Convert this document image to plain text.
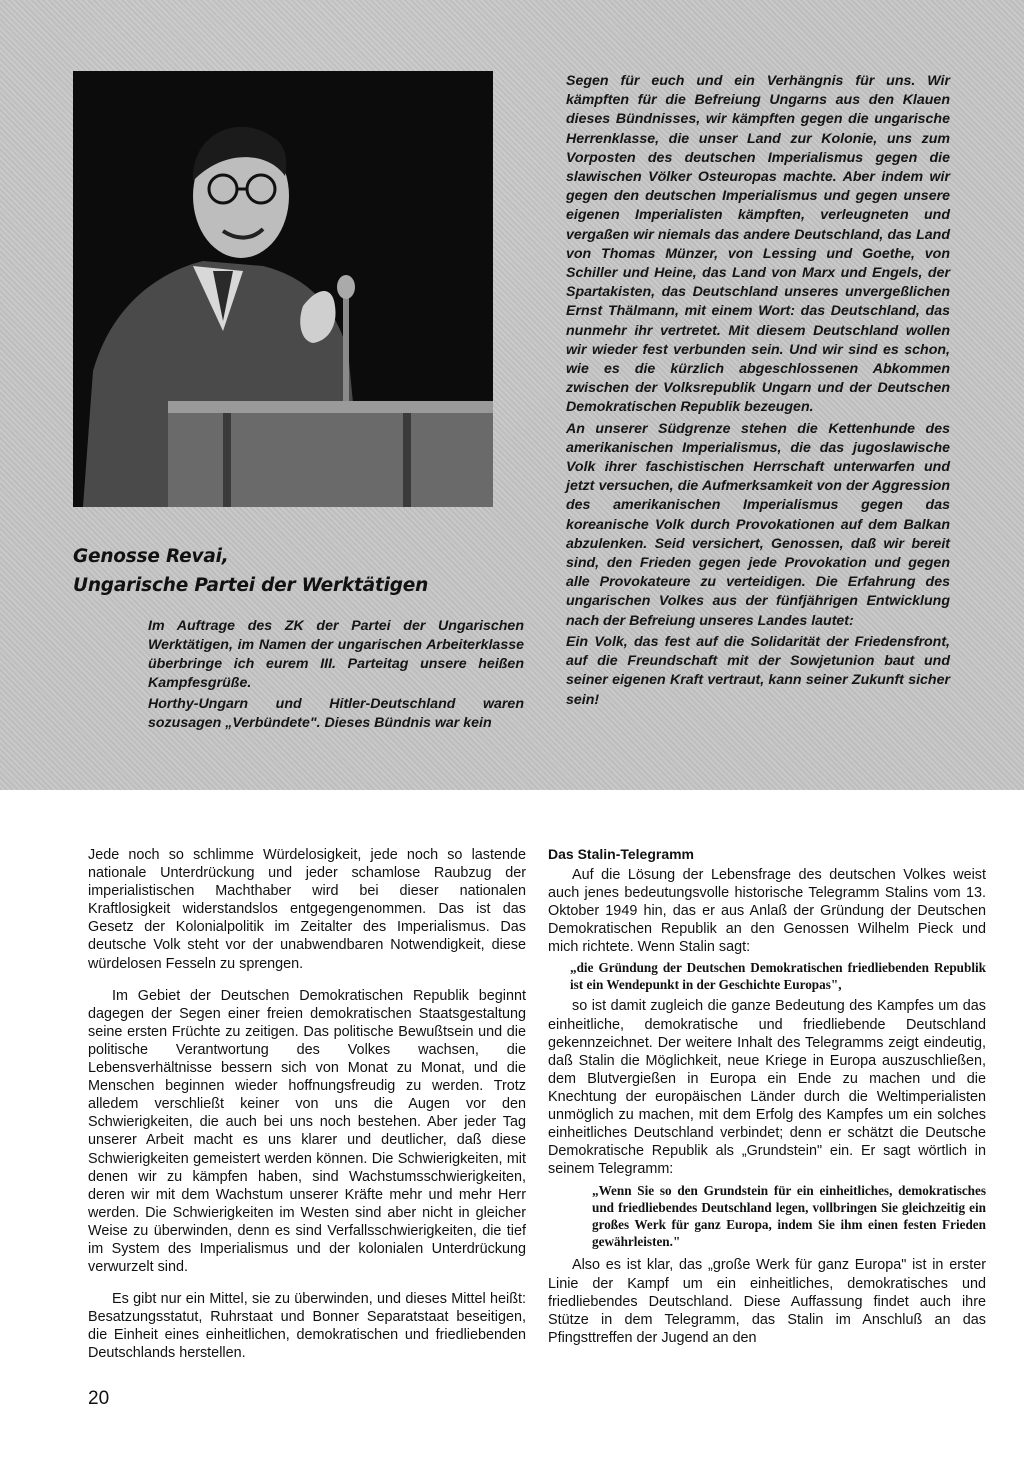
Genosse Revai,
Ungarische Partei der Werktätigen

Im Auftrage des ZK der Partei der Ungarischen Werktätigen, im Namen der ungarischen Arbeiterklasse überbringe ich eurem III. Parteitag unsere heißen Kampfesgrüße.

Horthy-Ungarn und Hitler-Deutschland waren sozusagen „Verbündete". Dieses Bündnis war kein

Segen für euch und ein Verhängnis für uns. Wir kämpften für die Befreiung Ungarns aus den Klauen dieses Bündnisses, wir kämpften gegen die ungarische Herrenklasse, die unser Land zur Kolonie, uns zum Vorposten des deutschen Imperialismus gegen die slawischen Völker Osteuropas machte. Aber indem wir gegen den deutschen Imperialismus und gegen unsere eigenen Imperialisten kämpften, verleugneten und vergaßen wir niemals das andere Deutschland, das Land von Thomas Münzer, von Lessing und Goethe, von Schiller und Heine, das Land von Marx und Engels, der Spartakisten, das Deutschland unseres unvergeßlichen Ernst Thälmann, mit einem Wort: das Deutschland, das nunmehr ihr vertretet. Mit diesem Deutschland wollen wir wieder fest verbunden sein. Und wir sind es schon, wie es die kürzlich abgeschlossenen Abkommen zwischen der Volksrepublik Ungarn und der Deutschen Demokratischen Republik bezeugen.

An unserer Südgrenze stehen die Kettenhunde des amerikanischen Imperialismus, die das jugoslawische Volk ihrer faschistischen Herrschaft unterwarfen und jetzt versuchen, die Aufmerksamkeit von der Aggression des amerikanischen Imperialismus gegen das koreanische Volk durch Provokationen auf dem Balkan abzulenken. Seid versichert, Genossen, daß wir bereit sind, den Frieden gegen jede Provokation und gegen alle Provokateure zu verteidigen. Die Erfahrung des ungarischen Volkes aus der fünfjährigen Entwicklung nach der Befreiung unseres Landes lautet:

Ein Volk, das fest auf die Solidarität der Friedensfront, auf die Freundschaft mit der Sowjetunion baut und seiner eigenen Kraft vertraut, kann seiner Zukunft sicher sein!

Jede noch so schlimme Würdelosigkeit, jede noch so lastende nationale Unterdrückung und jeder schamlose Raubzug der imperialistischen Machthaber wird bei dieser nationalen Kraftlosigkeit widerstandslos entgegengenommen. Das ist das Gesetz der Kolonialpolitik im Zeitalter des Imperialismus. Das deutsche Volk steht vor der unabwendbaren Notwendigkeit, diese würdelosen Fesseln zu sprengen.

Im Gebiet der Deutschen Demokratischen Republik beginnt dagegen der Segen einer freien demokratischen Staatsgestaltung seine ersten Früchte zu zeitigen. Das politische Bewußtsein und die politische Verantwortung des Volkes wachsen, die Lebensverhältnisse bessern sich von Monat zu Monat, und die Menschen beginnen wieder hoffnungsfreudig zu werden. Trotz alledem verschließt keiner von uns die Augen vor den Schwierigkeiten, die auch bei uns noch bestehen. Aber jeder Tag unserer Arbeit macht es uns klarer und deutlicher, daß diese Schwierigkeiten gemeistert werden können. Die Schwierigkeiten, mit denen wir zu kämpfen haben, sind Wachstumsschwierigkeiten, deren wir mit dem Wachstum unserer Kräfte mehr und mehr Herr werden. Die Schwierigkeiten im Westen sind aber nicht in gleicher Weise zu überwinden, denn es sind Verfallsschwierigkeiten, die tief im System des Imperialismus und der kolonialen Unterdrückung verwurzelt sind.

Es gibt nur ein Mittel, sie zu überwinden, und dieses Mittel heißt: Besatzungsstatut, Ruhrstaat und Bonner Separatstaat beseitigen, die Einheit eines einheitlichen, demokratischen und friedliebenden Deutschlands herstellen.

Das Stalin-Telegramm

Auf die Lösung der Lebensfrage des deutschen Volkes weist auch jenes bedeutungsvolle historische Telegramm Stalins vom 13. Oktober 1949 hin, das er aus Anlaß der Gründung der Deutschen Demokratischen Republik an den Genossen Wilhelm Pieck und mich richtete. Wenn Stalin sagt:

„die Gründung der Deutschen Demokratischen friedliebenden Republik ist ein Wendepunkt in der Geschichte Europas",

so ist damit zugleich die ganze Bedeutung des Kampfes um das einheitliche, demokratische und friedliebende Deutschland gekennzeichnet. Der weitere Inhalt des Telegramms zeigt eindeutig, daß Stalin die Möglichkeit, neue Kriege in Europa auszuschließen, dem Blutvergießen in Europa ein Ende zu machen und die Knechtung der europäischen Länder durch die Weltimperialisten unmöglich zu machen, mit dem Erfolg des Kampfes um ein solches einheitliches Deutschland verbindet; denn er schätzt die Deutsche Demokratische Republik als „Grundstein" ein. Er sagt wörtlich in seinem Telegramm:

„Wenn Sie so den Grundstein für ein einheitliches, demokratisches und friedliebendes Deutschland legen, vollbringen Sie gleichzeitig ein großes Werk für ganz Europa, indem Sie ihm einen festen Frieden gewährleisten."

Also es ist klar, das „große Werk für ganz Europa" ist in erster Linie der Kampf um ein einheitliches, demokratisches und friedliebendes Deutschland. Diese Auffassung findet auch ihre Stütze in dem Telegramm, das Stalin im Anschluß an das Pfingsttreffen der Jugend an den

20
